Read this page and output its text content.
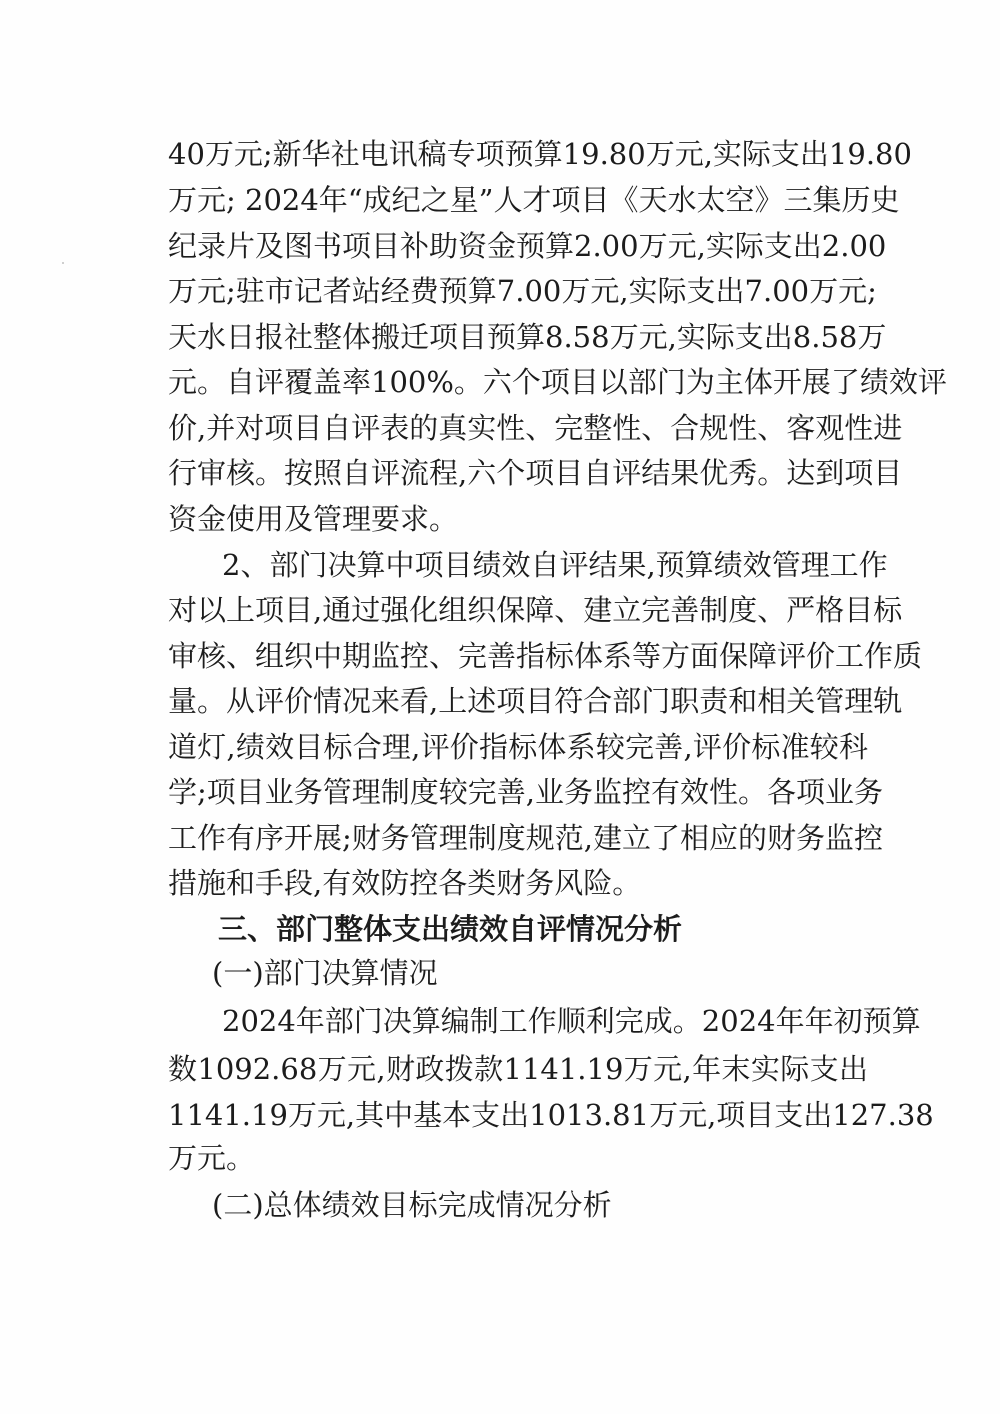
40万元;新华社电讯稿专项预算19.80万元,实际支出19.80
万元; 2024年“成纪之星”人才项目《天水太空》三集历史
纪录片及图书项目补助资金预算2.00万元,实际支出2.00
万元;驻市记者站经费预算7.00万元,实际支出7.00万元;
天水日报社整体搬迁项目预算8.58万元,实际支出8.58万
元。自评覆盖率100%。六个项目以部门为主体开展了绩效评
价,并对项目自评表的真实性、完整性、合规性、客观性进
行审核。按照自评流程,六个项目自评结果优秀。达到项目
资金使用及管理要求。
2、部门决算中项目绩效自评结果,预算绩效管理工作
对以上项目,通过强化组织保障、建立完善制度、严格目标
审核、组织中期监控、完善指标体系等方面保障评价工作质
量。从评价情况来看,上述项目符合部门职责和相关管理轨
道灯,绩效目标合理,评价指标体系较完善,评价标准较科
学;项目业务管理制度较完善,业务监控有效性。各项业务
工作有序开展;财务管理制度规范,建立了相应的财务监控
措施和手段,有效防控各类财务风险。
三、部门整体支出绩效自评情况分析
(一)部门决算情况
2024年部门决算编制工作顺利完成。2024年年初预算
数1092.68万元,财政拨款1141.19万元,年末实际支出
1141.19万元,其中基本支出1013.81万元,项目支出127.38
万元。
(二)总体绩效目标完成情况分析
